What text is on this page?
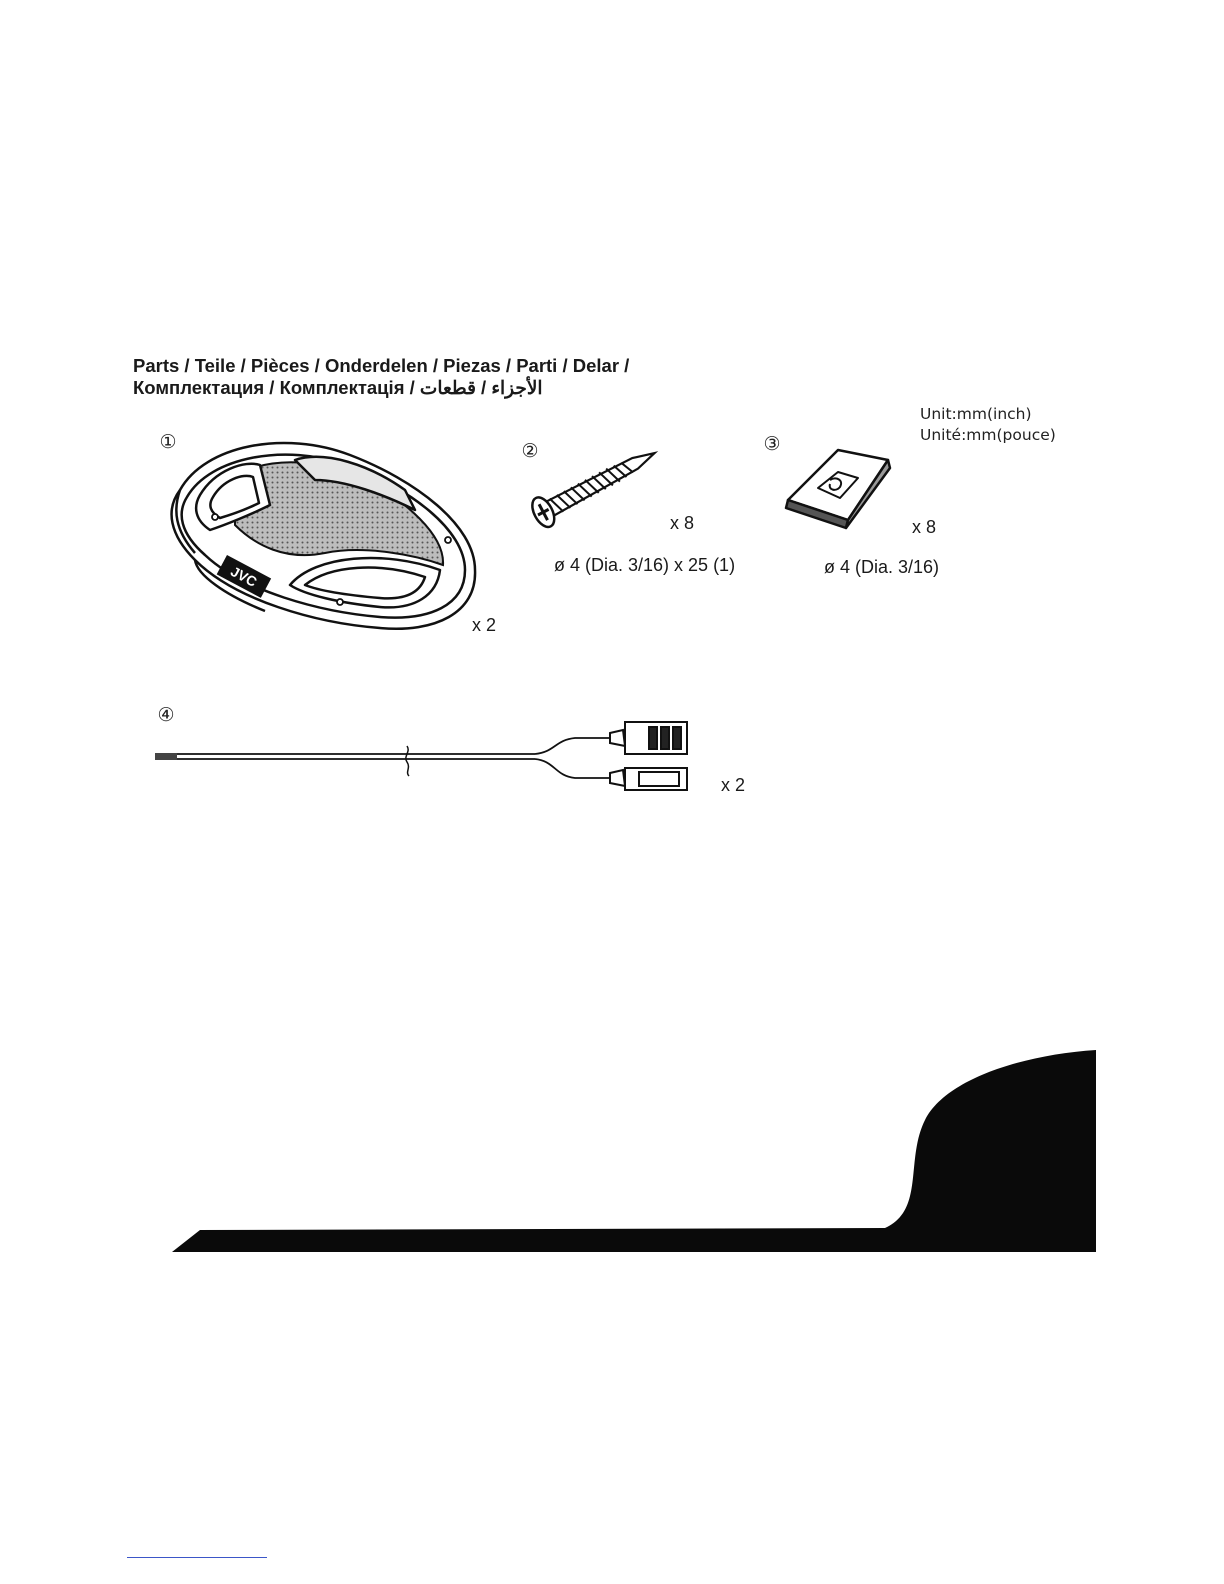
Parts / Teile / Pièces / Onderdelen / Piezas / Parti / Delar /
Комплектация / Комплектація / الأجزاء / قطعات
Unit:mm(inch)
Unité:mm(pouce)
①
JVC
x 2
②
x 8
ø 4 (Dia. 3/16) x 25 (1)
③
x 8
ø 4 (Dia. 3/16)
④
x 2
